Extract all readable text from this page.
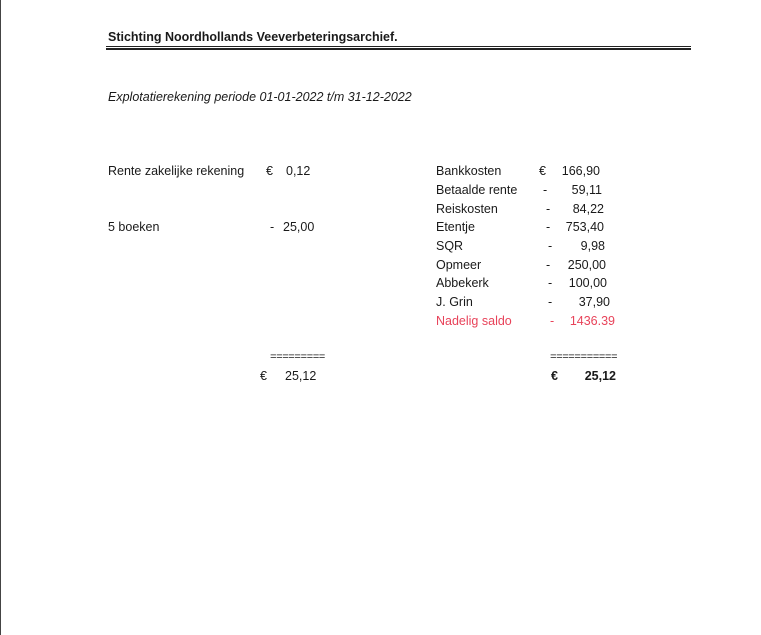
Stichting Noordhollands Veeverbeteringsarchief.
Explotatierekening periode 01-01-2022 t/m 31-12-2022
Rente zakelijke rekening € 0,12
5 boeken	- 25,00
=========
€ 25,12
Bankkosten	€	166,90
Betaalde rente -	59,11
Reiskosten	-	84,22
Etentje	-	753,40
SQR	-	9,98
Opmeer	-	250,00
Abbekerk	-	100,00
J. Grin	-	37,90
Nadelig saldo	-	1436.39
===========
€	25,12
